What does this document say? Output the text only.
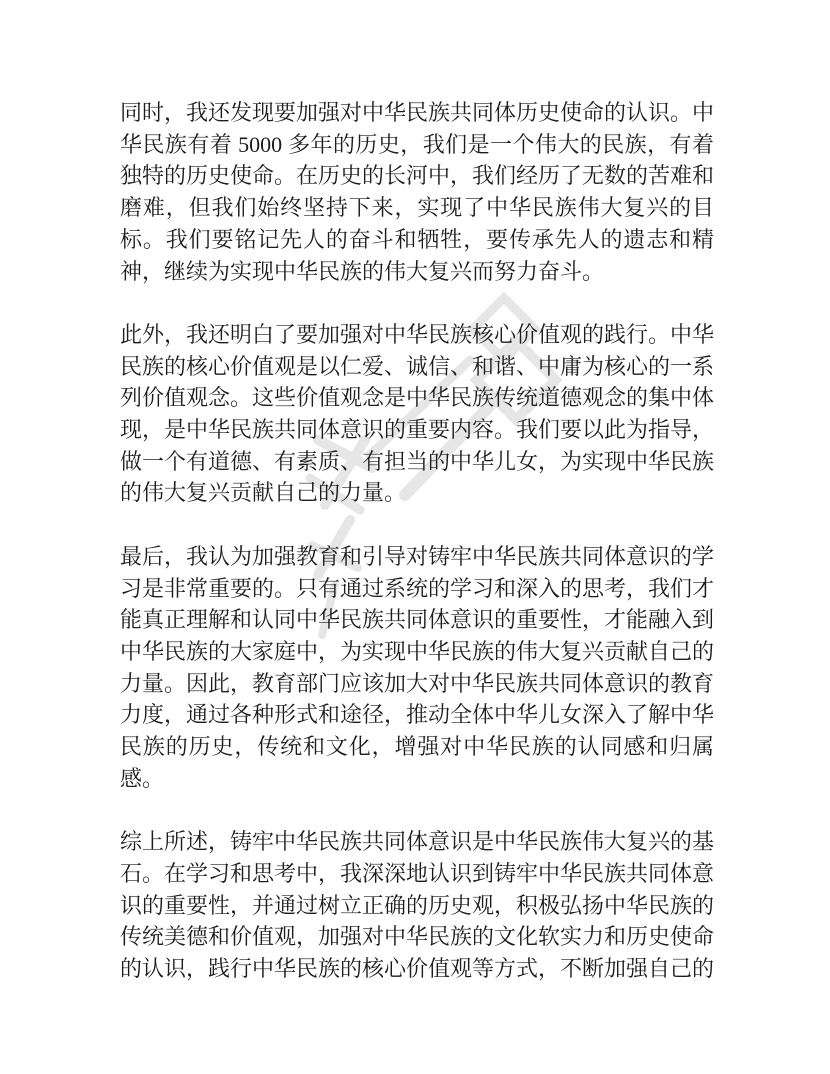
同时，我还发现要加强对中华民族共同体历史使命的认识。中华民族有着 5000 多年的历史，我们是一个伟大的民族，有着独特的历史使命。在历史的长河中，我们经历了无数的苦难和磨难，但我们始终坚持下来，实现了中华民族伟大复兴的目标。我们要铭记先人的奋斗和牺牲，要传承先人的遗志和精神，继续为实现中华民族的伟大复兴而努力奋斗。

此外，我还明白了要加强对中华民族核心价值观的践行。中华民族的核心价值观是以仁爱、诚信、和谐、中庸为核心的一系列价值观念。这些价值观念是中华民族传统道德观念的集中体现，是中华民族共同体意识的重要内容。我们要以此为指导，做一个有道德、有素质、有担当的中华儿女，为实现中华民族的伟大复兴贡献自己的力量。

最后，我认为加强教育和引导对铸牢中华民族共同体意识的学习是非常重要的。只有通过系统的学习和深入的思考，我们才能真正理解和认同中华民族共同体意识的重要性，才能融入到中华民族的大家庭中，为实现中华民族的伟大复兴贡献自己的力量。因此，教育部门应该加大对中华民族共同体意识的教育力度，通过各种形式和途径，推动全体中华儿女深入了解中华民族的历史，传统和文化，增强对中华民族的认同感和归属感。

综上所述，铸牢中华民族共同体意识是中华民族伟大复兴的基石。在学习和思考中，我深深地认识到铸牢中华民族共同体意识的重要性，并通过树立正确的历史观，积极弘扬中华民族的传统美德和价值观，加强对中华民族的文化软实力和历史使命的认识，践行中华民族的核心价值观等方式，不断加强自己的
